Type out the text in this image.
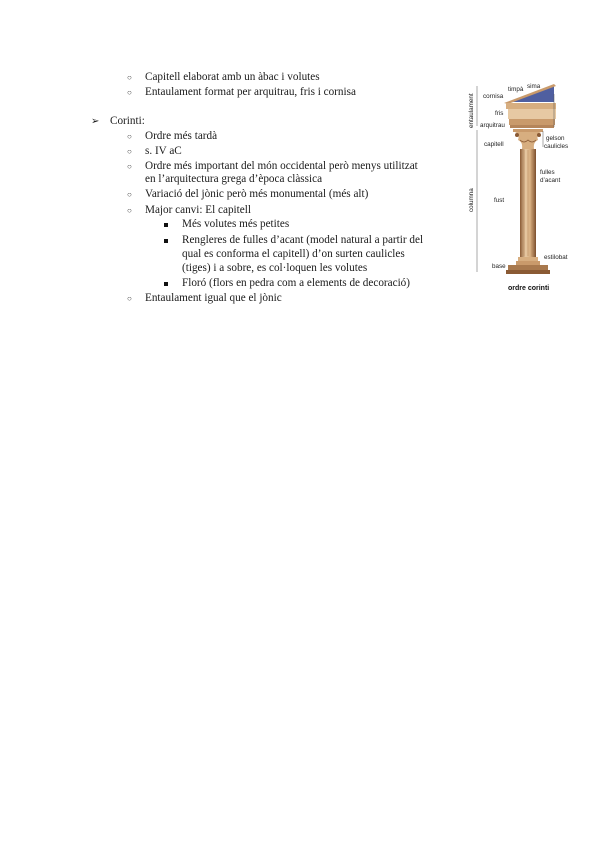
○ Capitell elaborat amb un àbac i volutes
○ Entaulament format per arquitrau, fris i cornisa
➢ Corinti:
○ Ordre més tardà
○ s. IV aC
○ Ordre més important del món occidental però menys utilitzat
en l’arquitectura grega d’època clàssica
○ Variació del jònic però més monumental (més alt)
○ Major canvi: El capitell
Més volutes més petites
Rengleres de fulles d’acant (model natural a partir del
qual es conforma el capitell) d’on surten caulicles
(tiges) i a sobre, es col·loquen les volutes
Floró (flors en pedra com a elements de decoració)
○ Entaulament igual que el jònic
entaulament
columna
cornisa
fris
arquitrau
capitell
fust
base
timpà sima
gelson
caulicles
fulles
d’acant
estilobat
ordre corinti
